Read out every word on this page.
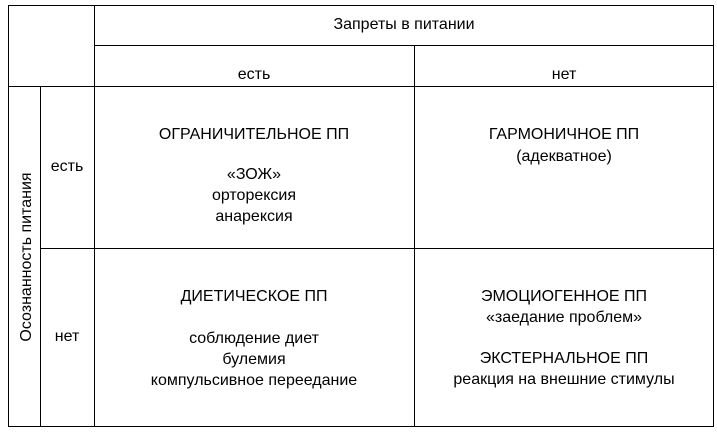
Запреты в питании
есть	нет
Осознанность питания
есть
нет
ОГРАНИЧИТЕЛЬНОЕ ПП
«ЗОЖ»
орторексия
анарексия
ГАРМОНИЧНОЕ ПП
(адекватное)
ДИЕТИЧЕСКОЕ ПП
соблюдение диет
булемия
компульсивное переедание
ЭМОЦИОГЕННОЕ ПП
«заедание проблем»
ЭКСТЕРНАЛЬНОЕ ПП
реакция на внешние стимулы
